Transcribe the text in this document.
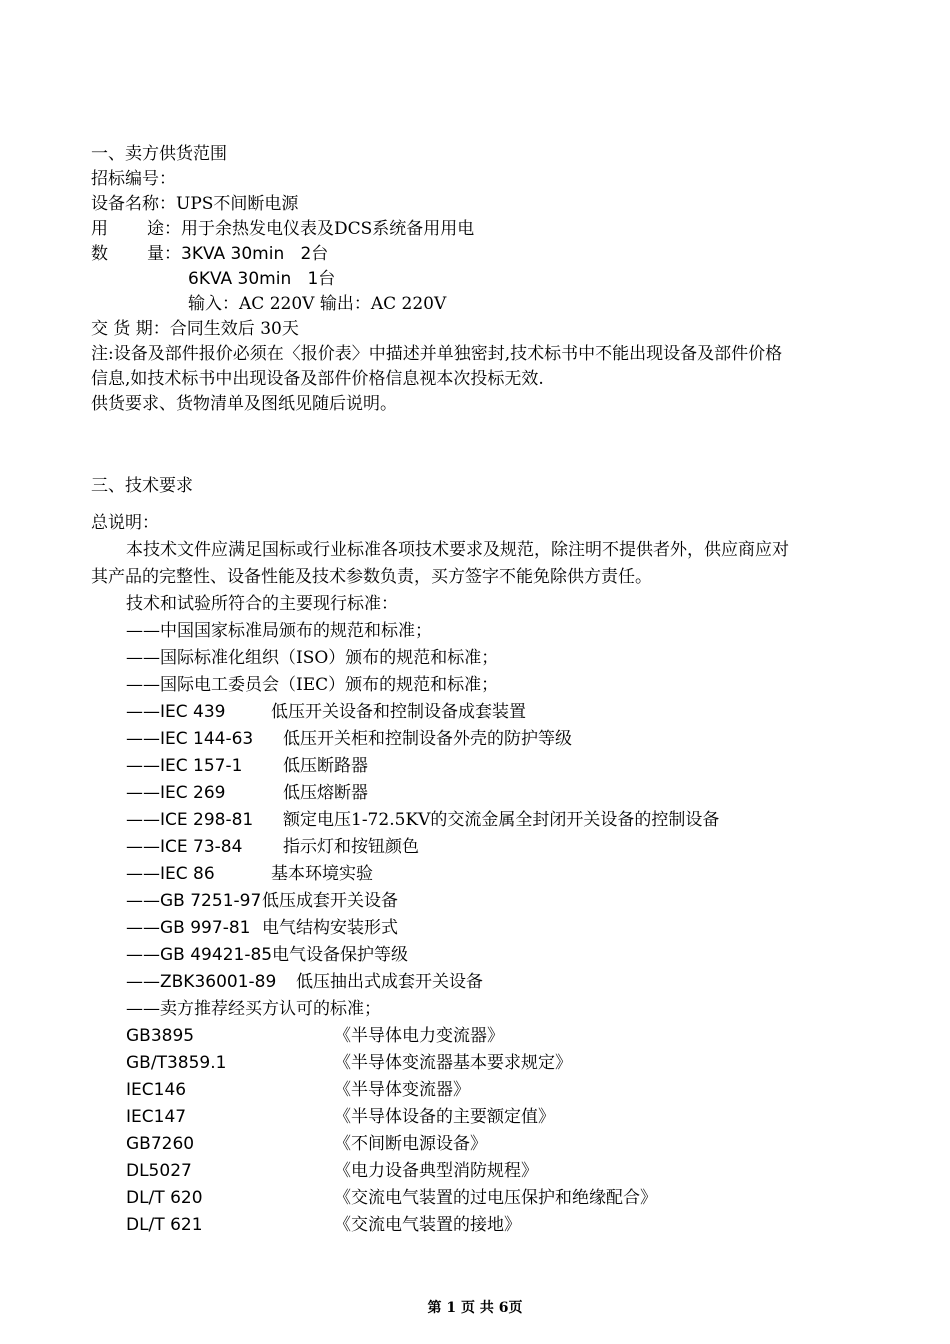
一、卖方供货范围
招标编号：
设备名称：UPS不间断电源
用 途：用于余热发电仪表及DCS系统备用用电
数 量：3KVA 30min   2台
6KVA 30min   1台
输入：AC 220V 输出：AC 220V
交 货 期：合同生效后 30天
注:设备及部件报价必须在〈报价表〉中描述并单独密封,技术标书中不能出现设备及部件价格
信息,如技术标书中出现设备及部件价格信息视本次投标无效.
供货要求、货物清单及图纸见随后说明。
三、技术要求
总说明：
本技术文件应满足国标或行业标准各项技术要求及规范，除注明不提供者外，供应商应对
其产品的完整性、设备性能及技术参数负责，买方签字不能免除供方责任。
技术和试验所符合的主要现行标准：
——中国国家标准局颁布的规范和标准；
——国际标准化组织（ISO）颁布的规范和标准；
——国际电工委员会（IEC）颁布的规范和标准；
——IEC 439	低压开关设备和控制设备成套装置
——IEC 144-63 低压开关柜和控制设备外壳的防护等级
——IEC 157-1 低压断路器
——IEC 269	低压熔断器
——ICE 298-81 额定电压1-72.5KV的交流金属全封闭开关设备的控制设备
——ICE 73-84 指示灯和按钮颜色
——IEC 86	基本环境实验
——GB 7251-97低压成套开关设备
——GB 997-81 电气结构安装形式
——GB 49421-85电气设备保护等级
——ZBK36001-89 低压抽出式成套开关设备
——卖方推荐经买方认可的标准；
GB3895	《半导体电力变流器》
GB/T3859.1	《半导体变流器基本要求规定》
IEC146	《半导体变流器》
IEC147	《半导体设备的主要额定值》
GB7260	《不间断电源设备》
DL5027	《电力设备典型消防规程》
DL/T 620	《交流电气装置的过电压保护和绝缘配合》
DL/T 621	《交流电气装置的接地》
第 1 页 共 6页
